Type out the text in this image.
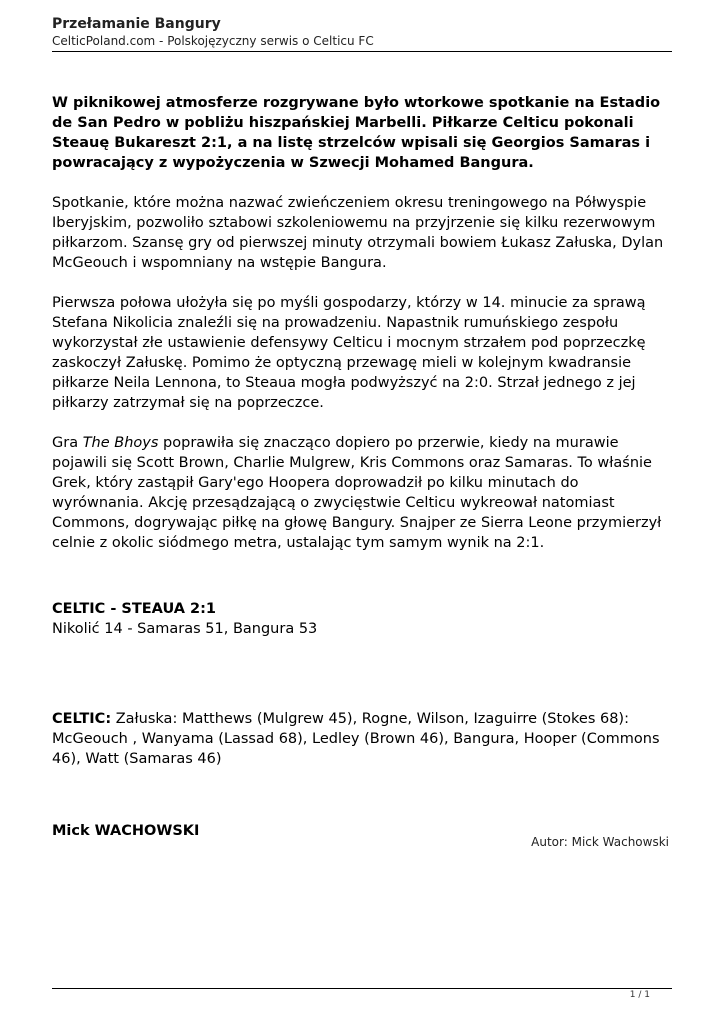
Przełamanie Bangury
CelticPoland.com - Polskojęzyczny serwis o Celticu FC

W piknikowej atmosferze rozgrywane było wtorkowe spotkanie na Estadio de San Pedro w pobliżu hiszpańskiej Marbelli. Piłkarze Celticu pokonali Steauę Bukareszt 2:1, a na listę strzelców wpisali się Georgios Samaras i powracający z wypożyczenia w Szwecji Mohamed Bangura.

Spotkanie, które można nazwać zwieńczeniem okresu treningowego na Półwyspie Iberyjskim, pozwoliło sztabowi szkoleniowemu na przyjrzenie się kilku rezerwowym piłkarzom. Szansę gry od pierwszej minuty otrzymali bowiem Łukasz Załuska, Dylan McGeouch i wspomniany na wstępie Bangura.

Pierwsza połowa ułożyła się po myśli gospodarzy, którzy w 14. minucie za sprawą Stefana Nikolicia znaleźli się na prowadzeniu. Napastnik rumuńskiego zespołu wykorzystał złe ustawienie defensywy Celticu i mocnym strzałem pod poprzeczkę zaskoczył Załuskę. Pomimo że optyczną przewagę mieli w kolejnym kwadransie piłkarze Neila Lennona, to Steaua mogła podwyższyć na 2:0. Strzał jednego z jej piłkarzy zatrzymał się na poprzeczce.

Gra The Bhoys poprawiła się znacząco dopiero po przerwie, kiedy na murawie pojawili się Scott Brown, Charlie Mulgrew, Kris Commons oraz Samaras. To właśnie Grek, który zastąpił Gary'ego Hoopera doprowadził po kilku minutach do wyrównania. Akcję przesądzającą o zwycięstwie Celticu wykreował natomiast Commons, dogrywając piłkę na głowę Bangury. Snajper ze Sierra Leone przymierzył celnie z okolic siódmego metra, ustalając tym samym wynik na 2:1.

CELTIC - STEAUA 2:1
Nikolić 14 - Samaras 51, Bangura 53

CELTIC: Załuska: Matthews (Mulgrew 45), Rogne, Wilson, Izaguirre (Stokes 68): McGeouch , Wanyama (Lassad 68), Ledley (Brown 46), Bangura, Hooper (Commons 46), Watt (Samaras 46)

Mick WACHOWSKI

Autor: Mick Wachowski
1 / 1
